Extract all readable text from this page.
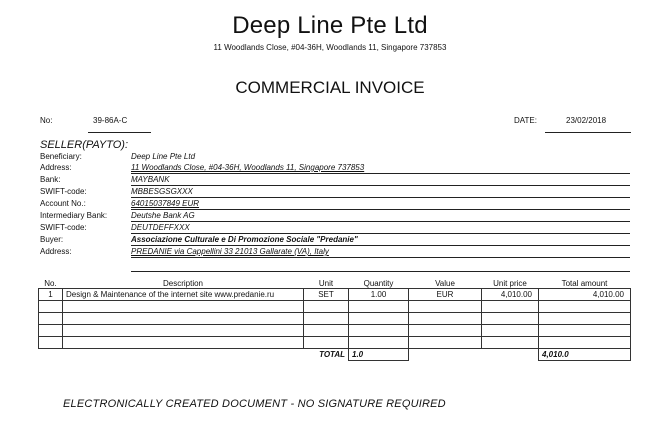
Deep Line Pte Ltd
11 Woodlands Close, #04-36H, Woodlands 11, Singapore 737853
COMMERCIAL INVOICE
No:	39-86A-C	DATE:	23/02/2018
SELLER(PAYTO):
Beneficiary:	Deep Line Pte Ltd
Address:	11 Woodlands Close, #04-36H, Woodlands 11, Singapore 737853
Bank:	MAYBANK
SWIFT-code:	MBBESGSGXXX
Account No.:	64015037849 EUR
Intermediary Bank:	Deutshe Bank AG
SWIFT-code:	DEUTDEFFXXX
Buyer:	Associazione Culturale e Di Promozione Sociale "Predanie"
Address:	PREDANIE via Cappellini 33 21013 Gallarate (VA), Italy
No.	Description	Unit	Quantity	Value	Unit price	Total amount
1	Design & Maintenance of the internet site www.predanie.ru	SET	1.00	EUR	4,010.00	4,010.00

		TOTAL	1.0			4,010.0
ELECTRONICALLY CREATED DOCUMENT - NO SIGNATURE REQUIRED
